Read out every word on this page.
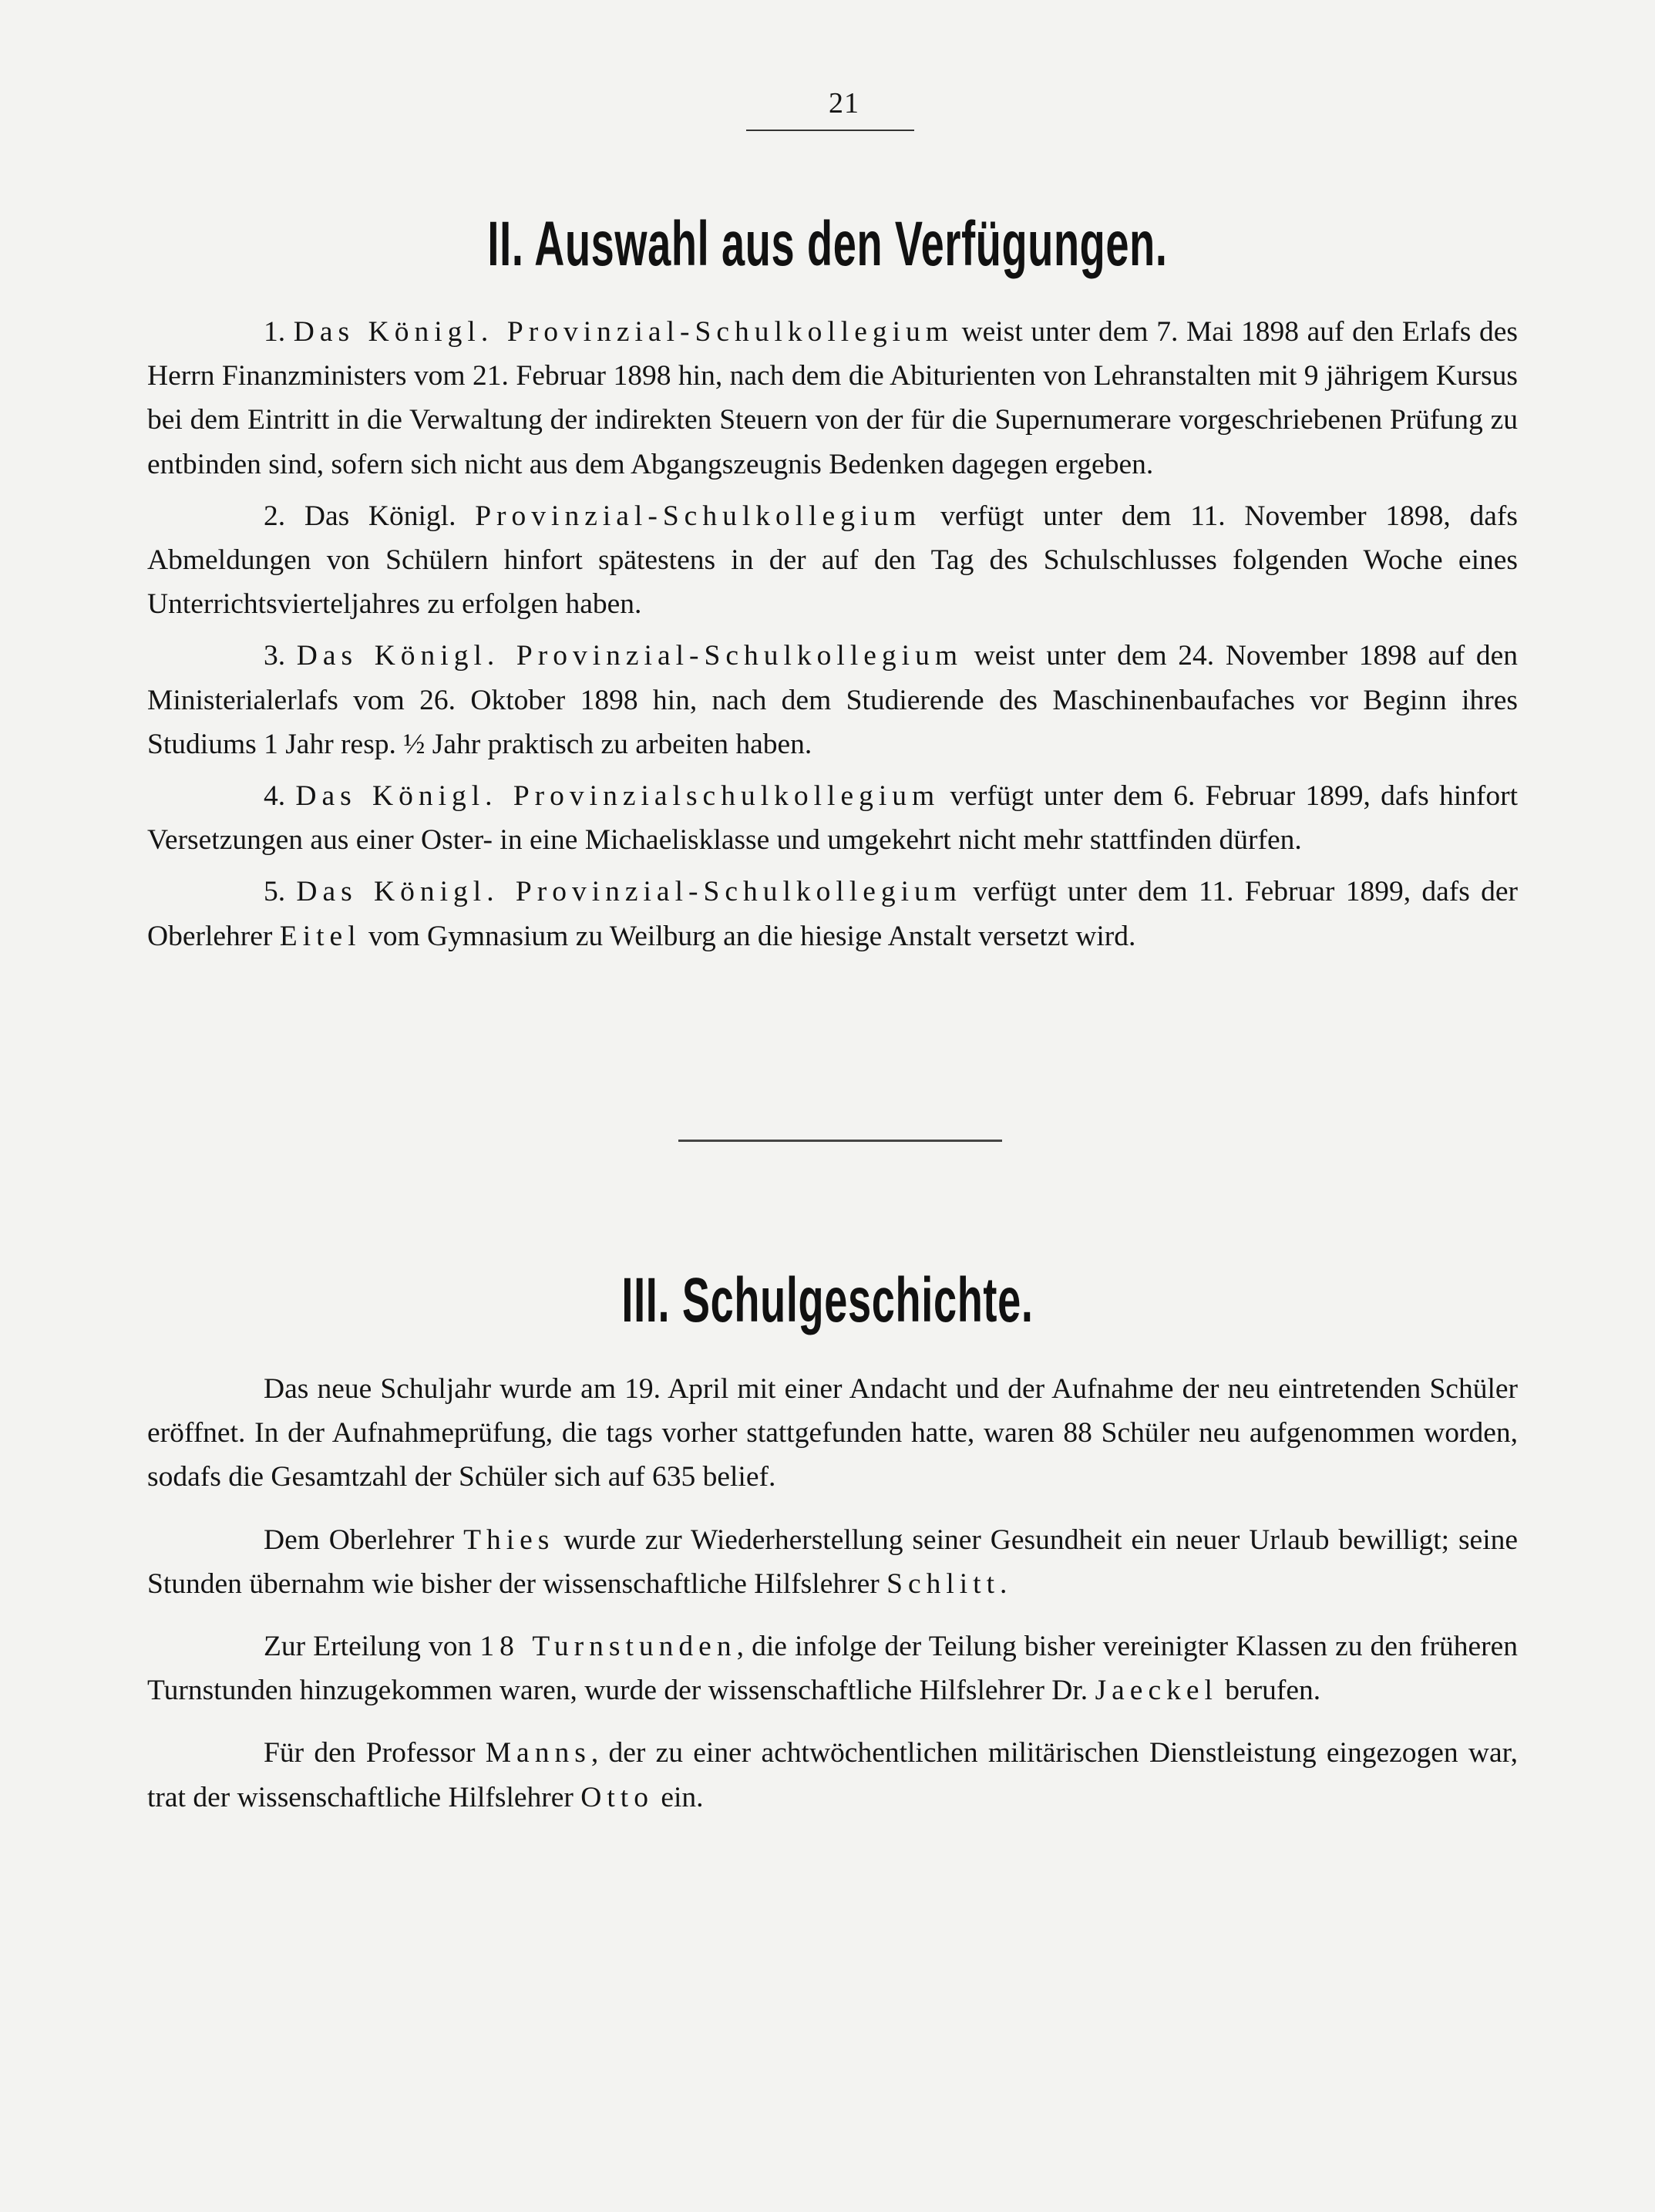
21
II. Auswahl aus den Verfügungen.

1. Das Königl. Provinzial-Schulkollegium weist unter dem 7. Mai 1898 auf den Erlafs des Herrn Finanzministers vom 21. Februar 1898 hin, nach dem die Abiturienten von Lehranstalten mit 9 jährigem Kursus bei dem Eintritt in die Verwaltung der indirekten Steuern von der für die Supernumerare vorgeschriebenen Prüfung zu entbinden sind, sofern sich nicht aus dem Abgangszeugnis Bedenken dagegen ergeben.

2. Das Königl. Provinzial-Schulkollegium verfügt unter dem 11. November 1898, dafs Abmeldungen von Schülern hinfort spätestens in der auf den Tag des Schulschlusses folgenden Woche eines Unterrichtsvierteljahres zu erfolgen haben.

3. Das Königl. Provinzial-Schulkollegium weist unter dem 24. November 1898 auf den Ministerialerlafs vom 26. Oktober 1898 hin, nach dem Studierende des Maschinenbaufaches vor Beginn ihres Studiums 1 Jahr resp. ½ Jahr praktisch zu arbeiten haben.

4. Das Königl. Provinzialschulkollegium verfügt unter dem 6. Februar 1899, dafs hinfort Versetzungen aus einer Oster- in eine Michaelisklasse und umgekehrt nicht mehr stattfinden dürfen.

5. Das Königl. Provinzial-Schulkollegium verfügt unter dem 11. Februar 1899, dafs der Oberlehrer Eitel vom Gymnasium zu Weilburg an die hiesige Anstalt versetzt wird.

III. Schulgeschichte.

Das neue Schuljahr wurde am 19. April mit einer Andacht und der Aufnahme der neu eintretenden Schüler eröffnet. In der Aufnahmeprüfung, die tags vorher stattgefunden hatte, waren 88 Schüler neu aufgenommen worden, sodafs die Gesamtzahl der Schüler sich auf 635 belief.

Dem Oberlehrer Thies wurde zur Wiederherstellung seiner Gesundheit ein neuer Urlaub bewilligt; seine Stunden übernahm wie bisher der wissenschaftliche Hilfslehrer Schlitt.

Zur Erteilung von 18 Turnstunden, die infolge der Teilung bisher vereinigter Klassen zu den früheren Turnstunden hinzugekommen waren, wurde der wissenschaftliche Hilfslehrer Dr. Jaeckel berufen.

Für den Professor Manns, der zu einer achtwöchentlichen militärischen Dienstleistung eingezogen war, trat der wissenschaftliche Hilfslehrer Otto ein.
